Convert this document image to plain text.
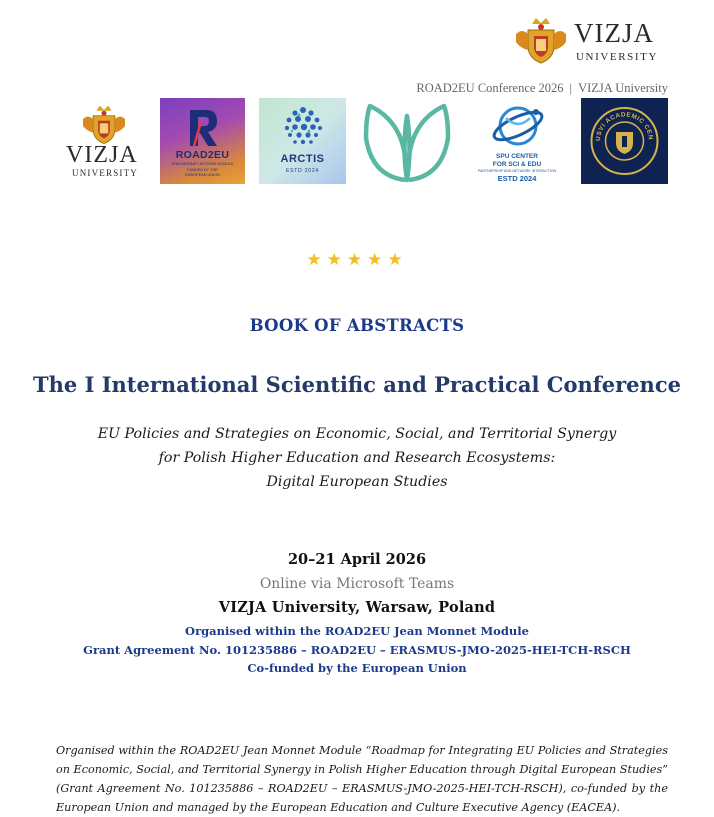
VIZJA
UNIVERSITY
ROAD2EU Conference 2026 | VIZJA University
VIZJA
UNIVERSITY
ROAD2EU
JEAN MONNET ACTIONS MODULE
FUNDED BY THE
EUROPEAN UNION
ARCTIS
ESTD 2024
SPU CENTER
FOR SCI & EDU
PARTNERSHIP AND NETWORK INTERACTION
ESTD 2024
USVI ACADEMIC CEN
★★★★★
BOOK OF ABSTRACTS
The I International Scientific and Practical Conference
EU Policies and Strategies on Economic, Social, and Territorial Synergy
for Polish Higher Education and Research Ecosystems:
Digital European Studies
20–21 April 2026
Online via Microsoft Teams
VIZJA University, Warsaw, Poland
Organised within the ROAD2EU Jean Monnet Module
Grant Agreement No. 101235886 – ROAD2EU – ERASMUS-JMO-2025-HEI-TCH-RSCH
Co-funded by the European Union
Organised within the ROAD2EU Jean Monnet Module “Roadmap for Integrating EU Policies and Strategies on Economic, Social, and Territorial Synergy in Polish Higher Education through Digital European Studies” (Grant Agreement No. 101235886 – ROAD2EU – ERASMUS-JMO-2025-HEI-TCH-RSCH), co-funded by the European Union and managed by the European Education and Culture Executive Agency (EACEA).
